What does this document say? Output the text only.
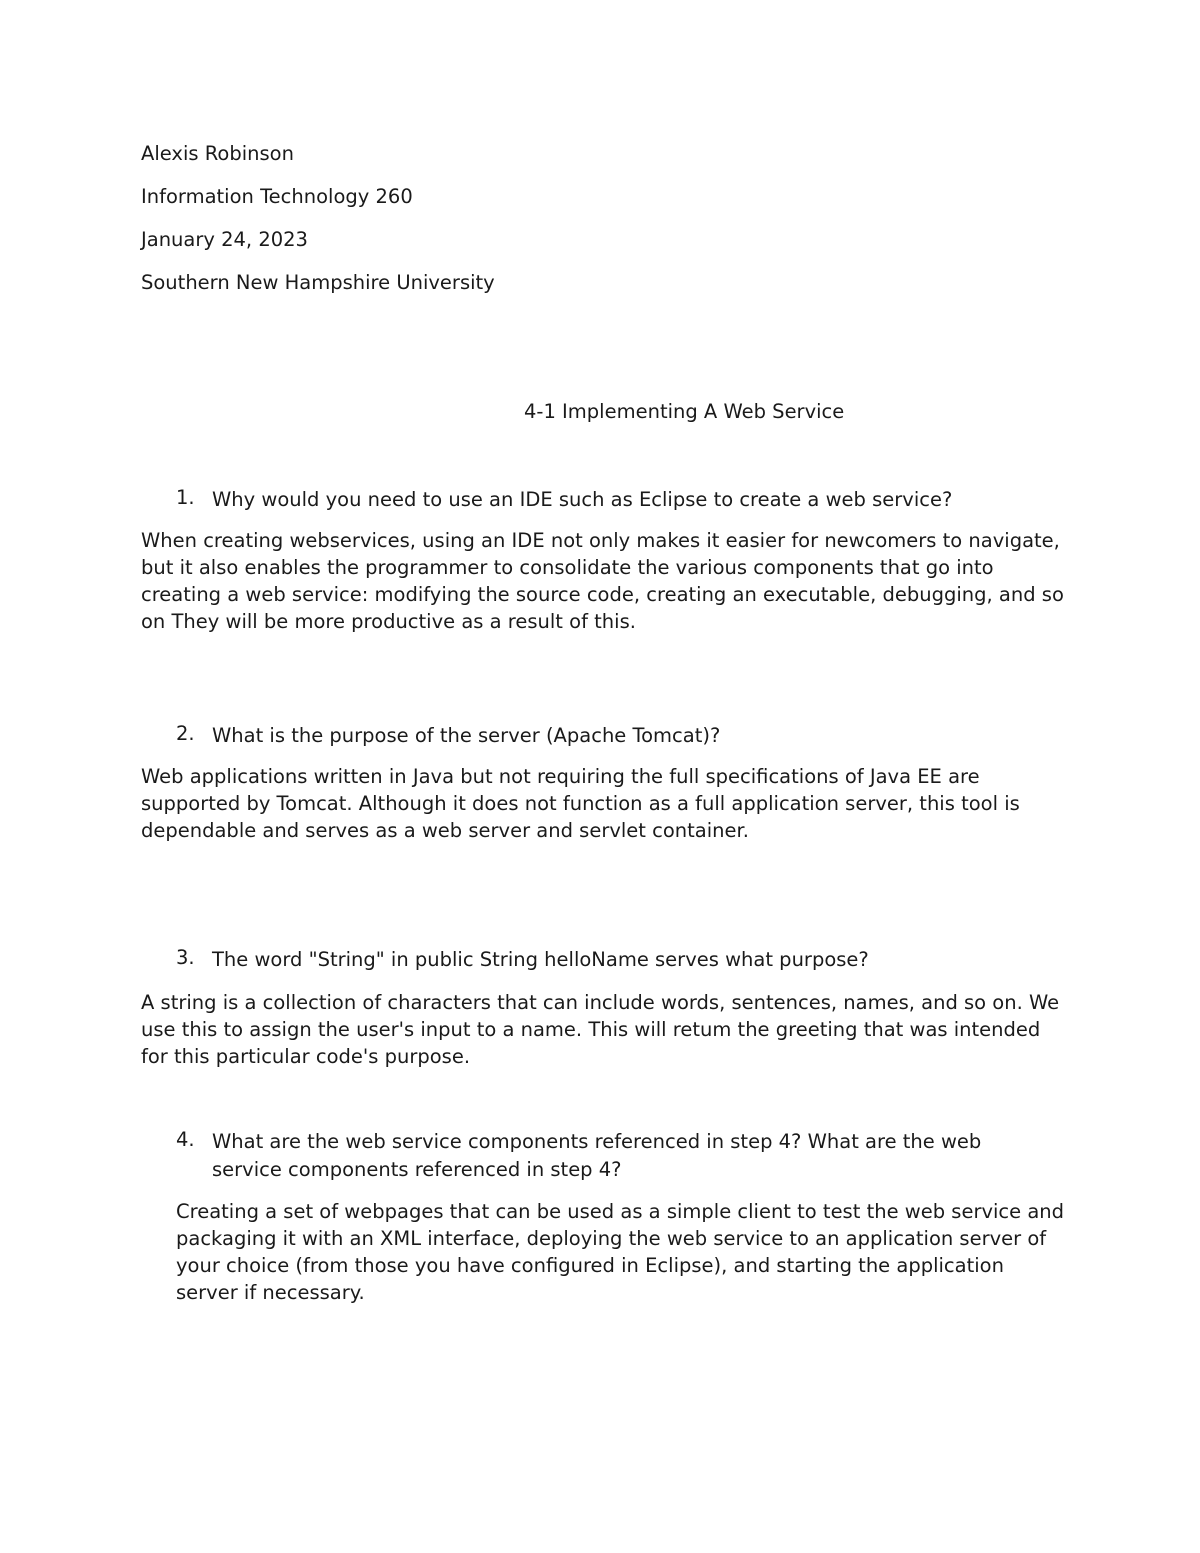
Alexis Robinson

Information Technology 260

January 24, 2023

Southern New Hampshire University

4-1 Implementing A Web Service

1. Why would you need to use an IDE such as Eclipse to create a web service?

When creating webservices, using an IDE not only makes it easier for newcomers to navigate, but it also enables the programmer to consolidate the various components that go into creating a web service: modifying the source code, creating an executable, debugging, and so on They will be more productive as a result of this.

2. What is the purpose of the server (Apache Tomcat)?

Web applications written in Java but not requiring the full specifications of Java EE are supported by Tomcat. Although it does not function as a full application server, this tool is dependable and serves as a web server and servlet container.

3. The word "String" in public String helloName serves what purpose?

A string is a collection of characters that can include words, sentences, names, and so on. We use this to assign the user's input to a name. This will retum the greeting that was intended for this particular code's purpose.

4. What are the web service components referenced in step 4? What are the web service components referenced in step 4?

Creating a set of webpages that can be used as a simple client to test the web service and packaging it with an XML interface, deploying the web service to an application server of your choice (from those you have configured in Eclipse), and starting the application server if necessary.
